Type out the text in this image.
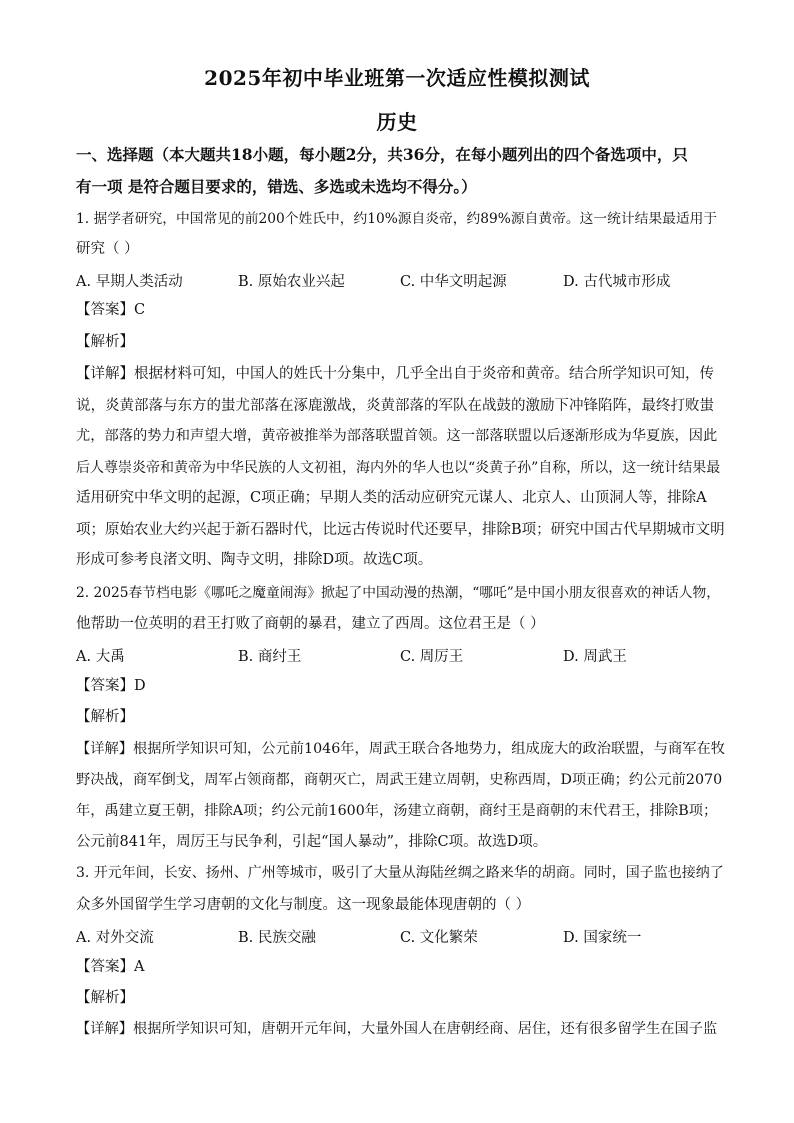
2025年初中毕业班第一次适应性模拟测试
历史
一、选择题（本大题共18小题，每小题2分，共36分，在每小题列出的四个备选项中，只
有一项 是符合题目要求的，错选、多选或未选均不得分。）
1. 据学者研究，中国常见的前200个姓氏中，约10%源自炎帝，约89%源自黄帝。这一统计结果最适用于
研究（ ）
A. 早期人类活动	B. 原始农业兴起	C. 中华文明起源	D. 古代城市形成
【答案】C
【解析】
【详解】根据材料可知，中国人的姓氏十分集中，几乎全出自于炎帝和黄帝。结合所学知识可知，传
说，炎黄部落与东方的蚩尤部落在涿鹿激战，炎黄部落的军队在战鼓的激励下冲锋陷阵，最终打败蚩
尤，部落的势力和声望大增，黄帝被推举为部落联盟首领。这一部落联盟以后逐渐形成为华夏族，因此
后人尊崇炎帝和黄帝为中华民族的人文初祖，海内外的华人也以“炎黄子孙”自称，所以，这一统计结果最
适用研究中华文明的起源，C项正确；早期人类的活动应研究元谋人、北京人、山顶洞人等，排除A
项；原始农业大约兴起于新石器时代，比远古传说时代还要早，排除B项；研究中国古代早期城市文明
形成可参考良渚文明、陶寺文明，排除D项。故选C项。
2. 2025春节档电影《哪吒之魔童闹海》掀起了中国动漫的热潮，“哪吒”是中国小朋友很喜欢的神话人物，
他帮助一位英明的君王打败了商朝的暴君，建立了西周。这位君王是（ ）
A. 大禹	B. 商纣王	C. 周厉王	D. 周武王
【答案】D
【解析】
【详解】根据所学知识可知，公元前1046年，周武王联合各地势力，组成庞大的政治联盟，与商军在牧
野决战，商军倒戈，周军占领商都，商朝灭亡，周武王建立周朝，史称西周，D项正确；约公元前2070
年，禹建立夏王朝，排除A项；约公元前1600年，汤建立商朝，商纣王是商朝的末代君王，排除B项；
公元前841年，周厉王与民争利，引起“国人暴动”，排除C项。故选D项。
3. 开元年间，长安、扬州、广州等城市，吸引了大量从海陆丝绸之路来华的胡商。同时，国子监也接纳了
众多外国留学生学习唐朝的文化与制度。这一现象最能体现唐朝的（ ）
A. 对外交流	B. 民族交融	C. 文化繁荣	D. 国家统一
【答案】A
【解析】
【详解】根据所学知识可知，唐朝开元年间，大量外国人在唐朝经商、居住，还有很多留学生在国子监
